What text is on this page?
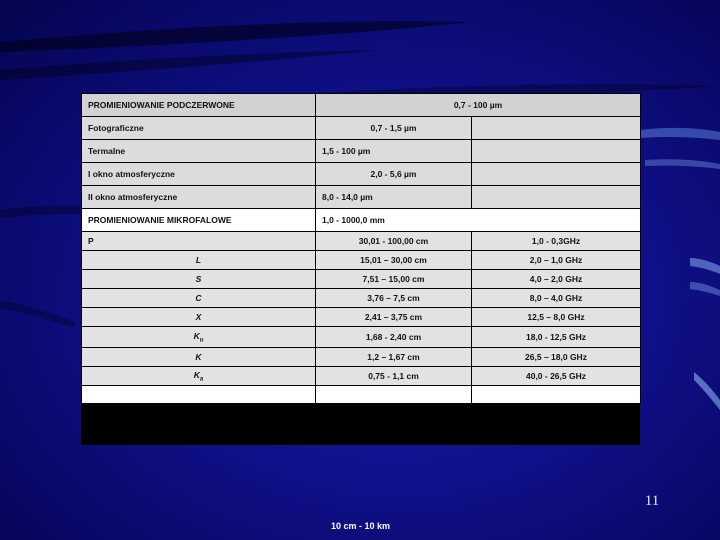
PROMIENIOWANIE PODCZERWONE	0,7 - 100 µm	
Fotograficzne	0,7 - 1,5 µm	
Termalne	1,5 - 100 µm	
I okno atmosferyczne	2,0 - 5,6 µm	
II okno atmosferyczne	8,0 - 14,0 µm	
PROMIENIOWANIE MIKROFALOWE	1,0 - 1000,0 mm	
P	30,01 - 100,00 cm	1,0 - 0,3GHz
L	15,01 – 30,00 cm	2,0 – 1,0 GHz
S	7,51 – 15,00 cm	4,0 – 2,0 GHz
C	3,76 – 7,5 cm	8,0 – 4,0 GHz
X	2,41 – 3,75 cm	12,5 – 8,0 GHz
$K_u$	1,68 - 2,40 cm	18,0 - 12,5 GHz
K	1,2 – 1,67 cm	26,5 – 18,0 GHz
$K_a$	0,75 - 1,1 cm	40,0 - 26,5 GHz

10 cm - 10 km
11
